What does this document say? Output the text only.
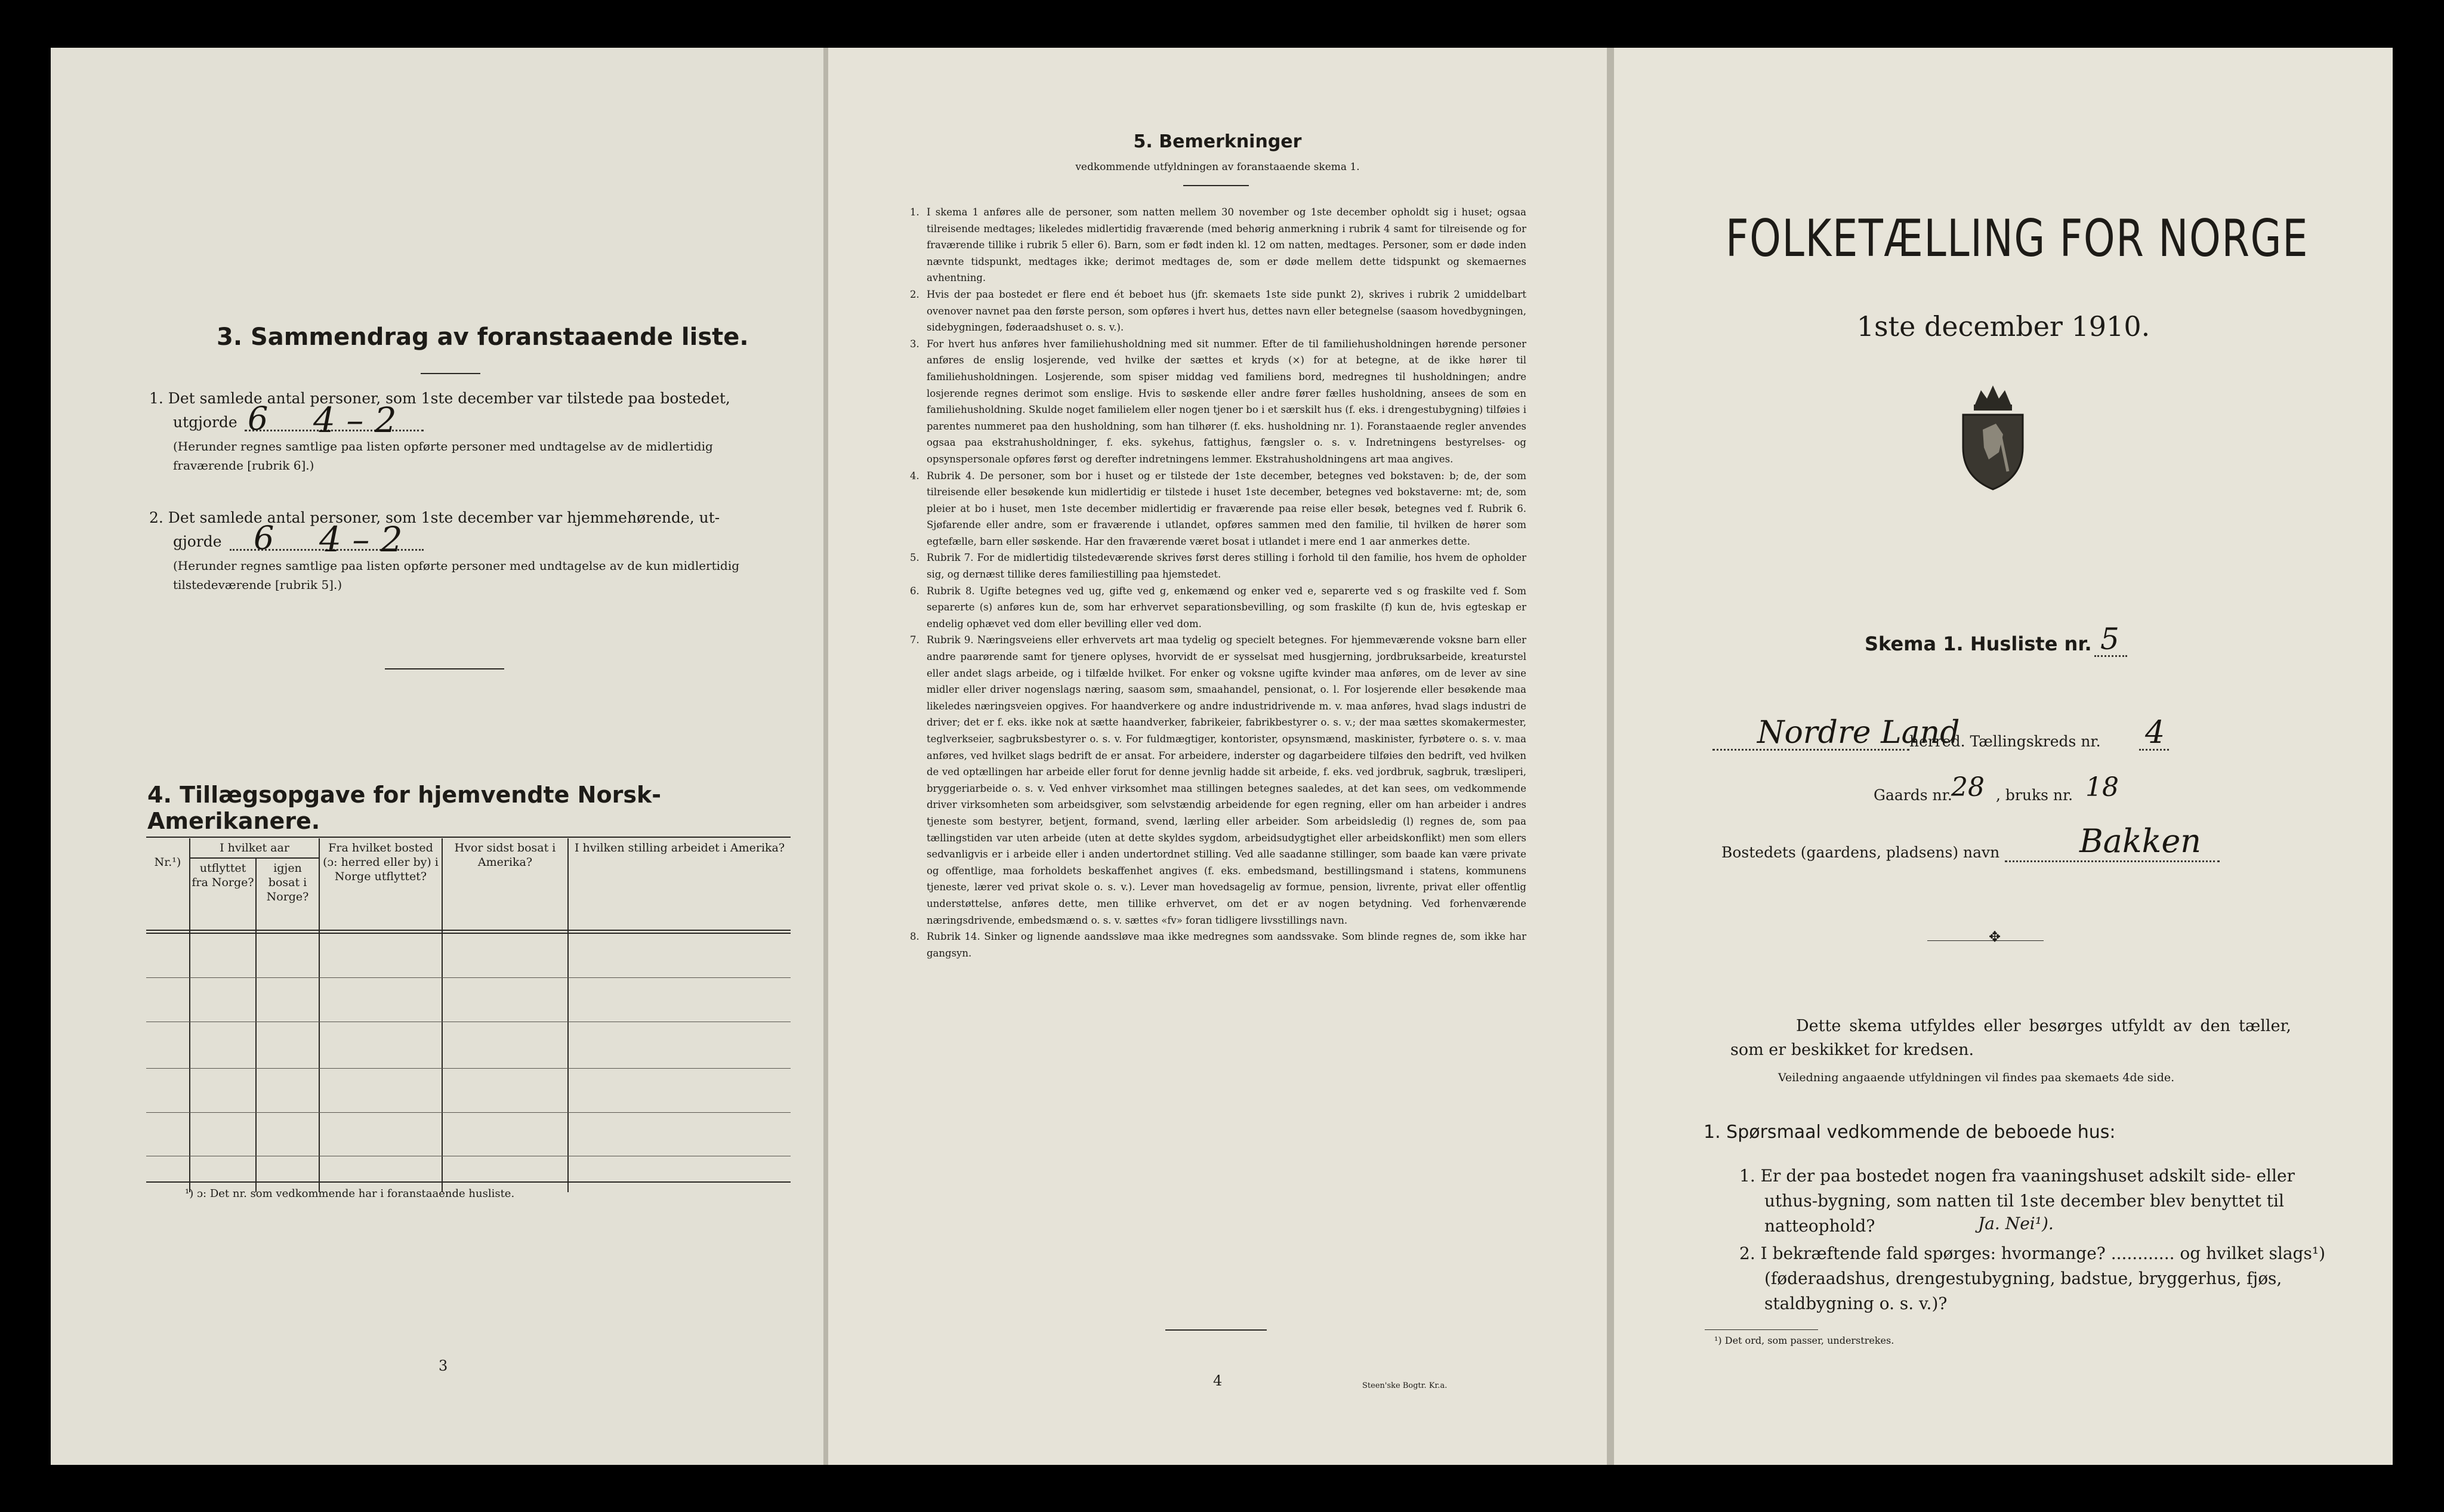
3. Sammendrag av foranstaaende liste.
1. Det samlede antal personer, som 1ste december var tilstede paa bostedet,
utgjorde 6 4 – 2
(Herunder regnes samtlige paa listen opførte personer med undtagelse av de midlertidig fraværende [rubrik 6].)
2. Det samlede antal personer, som 1ste december var hjemmehørende, ut-
gjorde 6 4 – 2
(Herunder regnes samtlige paa listen opførte personer med undtagelse av de kun midlertidig tilstedeværende [rubrik 5].)
4. Tillægsopgave for hjemvendte Norsk-Amerikanere.
Nr.¹)	I hvilket aar		Fra hvilket bosted (ɔ: herred eller by) i Norge utflyttet?	Hvor sidst bosat i Amerika?	I hvilken stilling arbeidet i Amerika?
	utflyttet fra Norge?	igjen bosat i Norge?			

¹) ɔ: Det nr. som vedkommende har i foranstaaende husliste.
3
5. Bemerkninger
vedkommende utfyldningen av foranstaaende skema 1.
1. I skema 1 anføres alle de personer, som natten mellem 30 november og 1ste december opholdt sig i huset; ogsaa tilreisende medtages; likeledes midlertidig fraværende (med behørig anmerkning i rubrik 4 samt for tilreisende og for fraværende tillike i rubrik 5 eller 6). Barn, som er født inden kl. 12 om natten, medtages. Personer, som er døde inden nævnte tidspunkt, medtages ikke; derimot medtages de, som er døde mellem dette tidspunkt og skemaernes avhentning.
2. Hvis der paa bostedet er flere end ét beboet hus (jfr. skemaets 1ste side punkt 2), skrives i rubrik 2 umiddelbart ovenover navnet paa den første person, som opføres i hvert hus, dettes navn eller betegnelse (saasom hovedbygningen, sidebygningen, føderaadshuset o. s. v.).
3. For hvert hus anføres hver familiehusholdning med sit nummer. Efter de til familiehusholdningen hørende personer anføres de enslig losjerende, ved hvilke der sættes et kryds (×) for at betegne, at de ikke hører til familiehusholdningen. Losjerende, som spiser middag ved familiens bord, medregnes til husholdningen; andre losjerende regnes derimot som enslige. Hvis to søskende eller andre fører fælles husholdning, ansees de som en familiehusholdning. Skulde noget familielem eller nogen tjener bo i et særskilt hus (f. eks. i drengestubygning) tilføies i parentes nummeret paa den husholdning, som han tilhører (f. eks. husholdning nr. 1). Foranstaaende regler anvendes ogsaa paa ekstrahusholdninger, f. eks. sykehus, fattighus, fængsler o. s. v. Indretningens bestyrelses- og opsynspersonale opføres først og derefter indretningens lemmer. Ekstrahusholdningens art maa angives.
4. Rubrik 4. De personer, som bor i huset og er tilstede der 1ste december, betegnes ved bokstaven: b; de, der som tilreisende eller besøkende kun midlertidig er tilstede i huset 1ste december, betegnes ved bokstaverne: mt; de, som pleier at bo i huset, men 1ste december midlertidig er fraværende paa reise eller besøk, betegnes ved f. Rubrik 6. Sjøfarende eller andre, som er fraværende i utlandet, opføres sammen med den familie, til hvilken de hører som egtefælle, barn eller søskende. Har den fraværende været bosat i utlandet i mere end 1 aar anmerkes dette.
5. Rubrik 7. For de midlertidig tilstedeværende skrives først deres stilling i forhold til den familie, hos hvem de opholder sig, og dernæst tillike deres familiestilling paa hjemstedet.
6. Rubrik 8. Ugifte betegnes ved ug, gifte ved g, enkemænd og enker ved e, separerte ved s og fraskilte ved f. Som separerte (s) anføres kun de, som har erhvervet separationsbevilling, og som fraskilte (f) kun de, hvis egteskap er endelig ophævet ved dom eller bevilling eller ved dom.
7. Rubrik 9. Næringsveiens eller erhvervets art maa tydelig og specielt betegnes. For hjemmeværende voksne barn eller andre paarørende samt for tjenere oplyses, hvorvidt de er sysselsat med husgjerning, jordbruksarbeide, kreaturstel eller andet slags arbeide, og i tilfælde hvilket. For enker og voksne ugifte kvinder maa anføres, om de lever av sine midler eller driver nogenslags næring, saasom søm, smaahandel, pensionat, o. l. For losjerende eller besøkende maa likeledes næringsveien opgives. For haandverkere og andre industridrivende m. v. maa anføres, hvad slags industri de driver; det er f. eks. ikke nok at sætte haandverker, fabrikeier, fabrikbestyrer o. s. v.; der maa sættes skomakermester, teglverkseier, sagbruksbestyrer o. s. v. For fuldmægtiger, kontorister, opsynsmænd, maskinister, fyrbøtere o. s. v. maa anføres, ved hvilket slags bedrift de er ansat. For arbeidere, inderster og dagarbeidere tilføies den bedrift, ved hvilken de ved optællingen har arbeide eller forut for denne jevnlig hadde sit arbeide, f. eks. ved jordbruk, sagbruk, træsliperi, bryggeriarbeide o. s. v. Ved enhver virksomhet maa stillingen betegnes saaledes, at det kan sees, om vedkommende driver virksomheten som arbeidsgiver, som selvstændig arbeidende for egen regning, eller om han arbeider i andres tjeneste som bestyrer, betjent, formand, svend, lærling eller arbeider. Som arbeidsledig (l) regnes de, som paa tællingstiden var uten arbeide (uten at dette skyldes sygdom, arbeidsudygtighet eller arbeidskonflikt) men som ellers sedvanligvis er i arbeide eller i anden undertordnet stilling. Ved alle saadanne stillinger, som baade kan være private og offentlige, maa forholdets beskaffenhet angives (f. eks. embedsmand, bestillingsmand i statens, kommunens tjeneste, lærer ved privat skole o. s. v.). Lever man hovedsagelig av formue, pension, livrente, privat eller offentlig understøttelse, anføres dette, men tillike erhvervet, om det er av nogen betydning. Ved forhenværende næringsdrivende, embedsmænd o. s. v. sættes «fv» foran tidligere livsstillings navn.
8. Rubrik 14. Sinker og lignende aandssløve maa ikke medregnes som aandssvake. Som blinde regnes de, som ikke har gangsyn.
4	Steen'ske Bogtr. Kr.a.
FOLKETÆLLING FOR NORGE
1ste december 1910.
Skema 1. Husliste nr. 5
Nordre Land
herred. Tællingskreds nr. 4
Gaards nr.
28 , bruks nr. 18
Bostedets (gaardens, pladsens) navn Bakken
✥
Dette skema utfyldes eller besørges utfyldt av den tæller, som er beskikket for kredsen.
Veiledning angaaende utfyldningen vil findes paa skemaets 4de side.
1. Spørsmaal vedkommende de beboede hus:
1. Er der paa bostedet nogen fra vaaningshuset adskilt side- eller uthus-bygning, som natten til 1ste december blev benyttet til natteophold?	Ja. Nei¹).
2. I bekræftende fald spørges: hvormange? ............ og hvilket slags¹) (føderaadshus, drengestubygning, badstue, bryggerhus, fjøs, staldbygning o. s. v.)?
¹) Det ord, som passer, understrekes.
